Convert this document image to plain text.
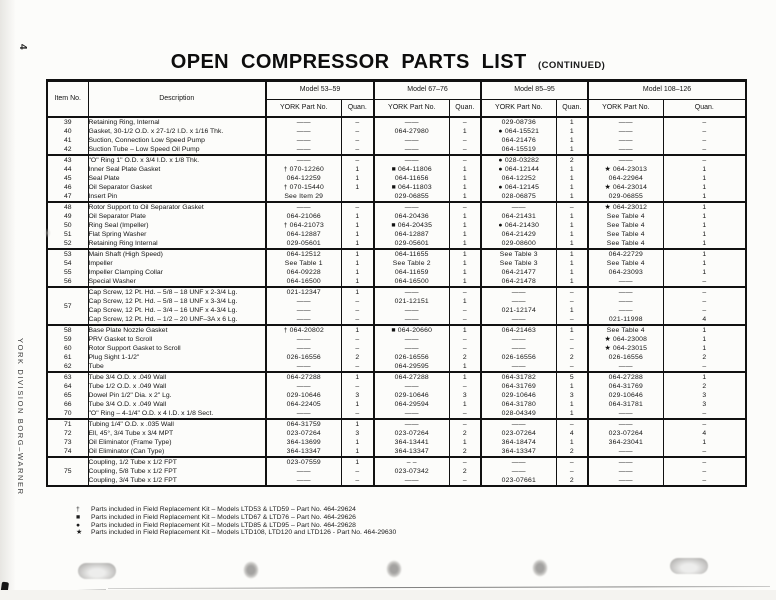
4
YORK DIVISION BORG–WARNER
OPEN COMPRESSOR PARTS LIST (CONTINUED)
Item No.	Description	Model 53–59		Model 67–76		Model 85–95		Model 108–126	
		YORK Part No.	Quan.	YORK Part No.	Quan.	YORK Part No.	Quan.	YORK Part No.	Quan.
39	Retaining Ring, Internal	——	–	——	–	029-08736	1	——	–
40	Gasket, 30-1/2 O.D. x 27-1/2 I.D. x 1/16 Thk.	——	–	064-27980	1	● 064-15521	1	——	–
41	Suction, Connection Low Speed Pump	——	–	——	–	064-21476	1	——	–
42	Suction Tube – Low Speed Oil Pump	——	–	——	–	064-15519	1	——	–
43	"O" Ring 1" O.D. x 3/4 I.D. x 1/8 Thk.	——	–	——	–	● 028-03282	2	——	–
44	Inner Seal Plate Gasket	† 070-12260	1	■ 064-11806	1	● 064-12144	1	★ 064-23013	1
45	Seal Plate	064-12259	1	064-11656	1	064-12252	1	064-22964	1
46	Oil Separator Gasket	† 070-15440	1	■ 064-11803	1	● 064-12145	1	★ 064-23014	1
47	Insert Pin	See Item 29		029-06855	1	028-06875	1	029-06855	1
48	Rotor Support to Oil Separator Gasket	——	–	——	–	——	–	★ 064-23012	1
49	Oil Separator Plate	064-21066	1	064-20436	1	064-21431	1	See Table 4	1
50	Ring Seal (Impeller)	† 064-21073	1	■ 064-20435	1	● 064-21430	1	See Table 4	1
51	Flat Spring Washer	064-12887	1	064-12887	1	064-21429	1	See Table 4	1
52	Retaining Ring Internal	029-05601	1	029-05601	1	029-08600	1	See Table 4	1
53	Main Shaft (High Speed)	064-12512	1	064-11655	1	See Table 3	1	064-22729	1
54	Impeller	See Table 1	1	See Table 2	1	See Table 3	1	See Table 4	1
55	Impeller Clamping Collar	064-09228	1	064-11659	1	064-21477	1	064-23093	1
56	Special Washer	064-16500	1	064-16500	1	064-21478	1	——	–
57	Cap Screw, 12 Pt. Hd. – 5/8 – 18 UNF x 2-3/4 Lg.	021-12347	1	——	–	——	–	——	–
	Cap Screw, 12 Pt. Hd. – 5/8 – 18 UNF x 3-3/4 Lg.	——	–	021-12151	1	——	–	——	–
	Cap Screw, 12 Pt. Hd. – 3/4 – 16 UNF x 4-3/4 Lg.	——	–	——	–	021-12174	1	——	–
	Cap Screw, 12 Pt. Hd. – 1/2 – 20 UNF–3A x 6 Lg.	——	–	——	–	——	–	021-11998	4
58	Base Plate Nozzle Gasket	† 064-20802	1	■ 064-20660	1	064-21463	1	See Table 4	1
59	PRV Gasket to Scroll	——	–	——	–	——	–	★ 064-23008	1
60	Rotor Support Gasket to Scroll	——	–	——	–	——	–	★ 064-23015	1
61	Plug Sight 1-1/2"	026-16556	2	026-16556	2	026-16556	2	026-16556	2
62	Tube	——	–	064-29595	1	——	–	——	–
63	Tube 3/4 O.D. x .049 Wall	064-27288	1	064-27288	1	064-31782	5	064-27288	1
64	Tube 1/2 O.D. x .049 Wall	——	–	——	–	064-31769	1	064-31769	2
65	Dowel Pin 1/2" Dia. x 2" Lg.	029-10646	3	029-10646	3	029-10646	3	029-10646	3
66	Tube 3/4 O.D. x .049 Wall	064-22405	1	064-29594	1	064-31780	1	064-31781	3
70	"O" Ring – 4-1/4" O.D. x 4 I.D. x 1/8 Sect.	——	–	——	–	028-04349	1	——	–
71	Tubing 1/4" O.D. x .035 Wall	064-31759	1	——	–	——	–	——	–
72	Ell, 45°, 3/4 Tube x 3/4 MPT	023-07264	3	023-07264	2	023-07264	4	023-07264	4
73	Oil Eliminator (Frame Type)	364-13699	1	364-13441	1	364-18474	1	364-23041	1
74	Oil Eliminator (Can Type)	364-13347	1	364-13347	2	364-13347	2	——	–
75	Coupling, 1/2 Tube x 1/2 FPT	023-07559	1	– –	–	——	–	——	–
	Coupling, 5/8 Tube x 1/2 FPT	——	–	023-07342	2	——	–	——	–
	Coupling, 3/4 Tube x 1/2 FPT	——	–	——	–	023-07661	2	——	–
†	Parts included in Field Replacement Kit – Models LTD53 & LTD59 – Part No. 464-29624
■	Parts included in Field Replacement Kit – Models LTD67 & LTD76 – Part No. 464-29626
●	Parts included in Field Replacement Kit – Models LTD85 & LTD95 – Part No. 464-29628
★	Parts included in Field Replacement Kit – Models LTD108, LTD120 and LTD126 - Part No. 464-29630
